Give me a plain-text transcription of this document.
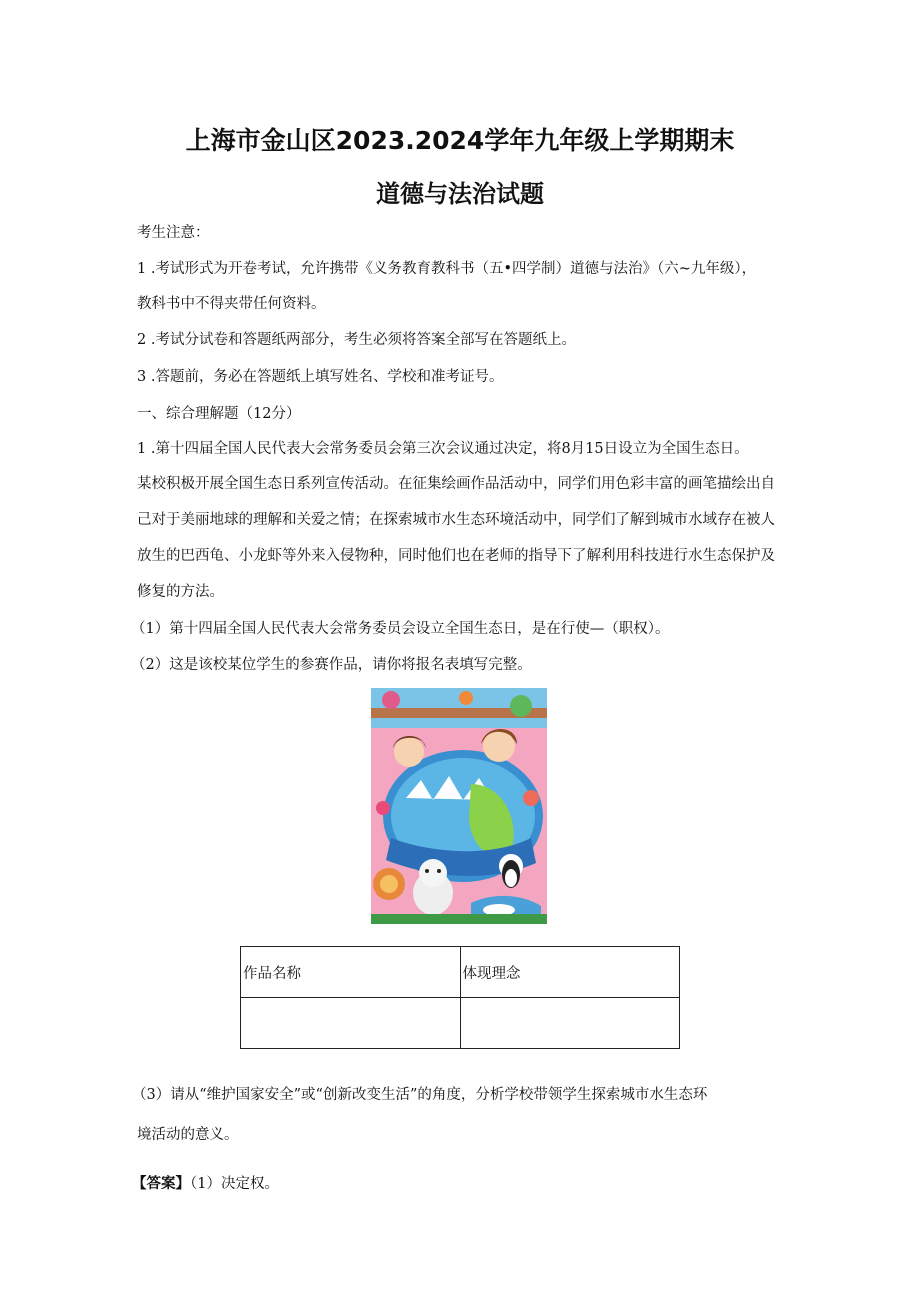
上海市金山区2023.2024学年九年级上学期期末
道德与法治试题
考生注意：
1 .考试形式为开卷考试，允许携带《义务教育教科书（五•四学制）道德与法治》（六~九年级），
教科书中不得夹带任何资料。
2 .考试分试卷和答题纸两部分，考生必须将答案全部写在答题纸上。
3 .答题前，务必在答题纸上填写姓名、学校和准考证号。
一、综合理解题（12分）
1 .第十四届全国人民代表大会常务委员会第三次会议通过决定，将8月15日设立为全国生态日。
某校积极开展全国生态日系列宣传活动。在征集绘画作品活动中，同学们用色彩丰富的画笔描绘出自
己对于美丽地球的理解和关爱之情；在探索城市水生态环境活动中，同学们了解到城市水域存在被人
放生的巴西龟、小龙虾等外来入侵物种，同时他们也在老师的指导下了解利用科技进行水生态保护及
修复的方法。
（1）第十四届全国人民代表大会常务委员会设立全国生态日，是在行使—（职权）。
（2）这是该校某位学生的参赛作品，请你将报名表填写完整。
作品名称	体现理念

（3）请从“维护国家安全”或“创新改变生活”的角度，分析学校带领学生探索城市水生态环
境活动的意义。
【答案】（1）决定权。
